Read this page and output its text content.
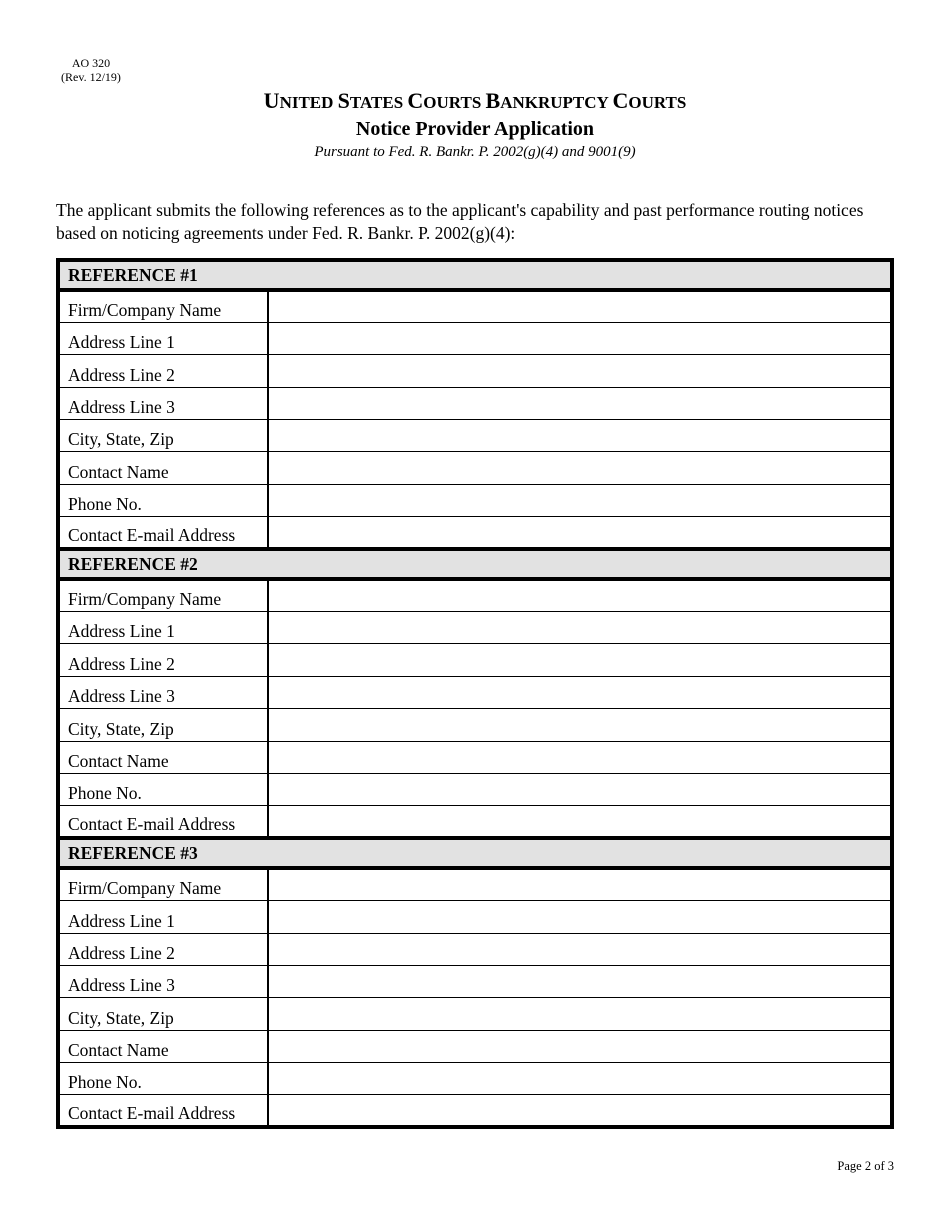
AO 320
(Rev. 12/19)
UNITED STATES COURTS BANKRUPTCY COURTS
Notice Provider Application
Pursuant to Fed. R. Bankr. P. 2002(g)(4) and 9001(9)
The applicant submits the following references as to the applicant's capability and past performance routing notices based on noticing agreements under Fed. R. Bankr. P. 2002(g)(4):
REFERENCE #1	
Firm/Company Name	
Address Line 1	
Address Line 2	
Address Line 3	
City, State, Zip	
Contact Name	
Phone No.	
Contact E-mail Address	
REFERENCE #2	
Firm/Company Name	
Address Line 1	
Address Line 2	
Address Line 3	
City, State, Zip	
Contact Name	
Phone No.	
Contact E-mail Address	
REFERENCE #3	
Firm/Company Name	
Address Line 1	
Address Line 2	
Address Line 3	
City, State, Zip	
Contact Name	
Phone No.	
Contact E-mail Address	
Page 2 of 3
